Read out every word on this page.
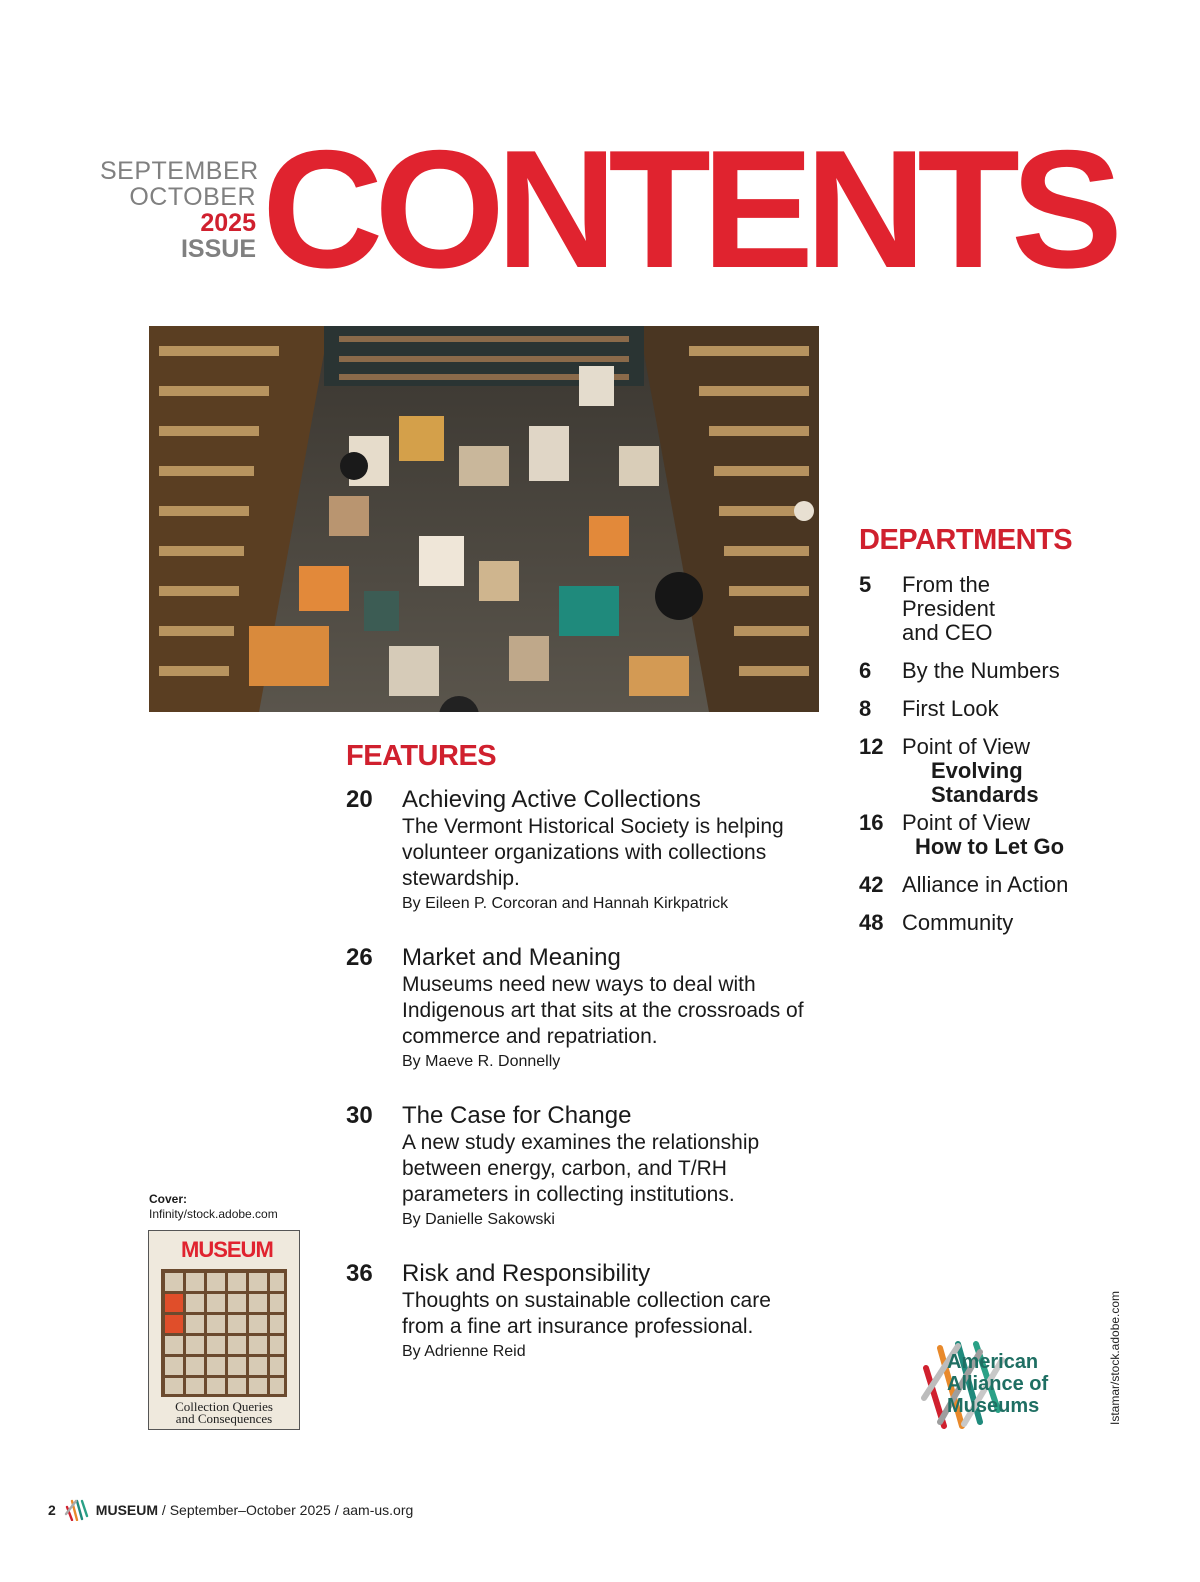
SEPTEMBER
OCTOBER
2025
ISSUE CONTENTS
FEATURES
20 Achieving Active Collections
The Vermont Historical Society is helping volunteer organizations with collections stewardship.
By Eileen P. Corcoran and Hannah Kirkpatrick
26 Market and Meaning
Museums need new ways to deal with Indigenous art that sits at the crossroads of commerce and repatriation.
By Maeve R. Donnelly
30 The Case for Change
A new study examines the relationship between energy, carbon, and T/RH parameters in collecting institutions.
By Danielle Sakowski
36 Risk and Responsibility
Thoughts on sustainable collection care from a fine art insurance professional.
By Adrienne Reid
DEPARTMENTS
5 From the President and CEO
6 By the Numbers
8 First Look
12 Point of View
Evolving Standards
16 Point of View
How to Let Go
42 Alliance in Action
48 Community
Cover:
Infinity/stock.adobe.com
MUSEUM
Collection Queries
and Consequences
American
Alliance of
Museums	Istamar/stock.adobe.com
2	MUSEUM / September–October 2025 / aam-us.org
